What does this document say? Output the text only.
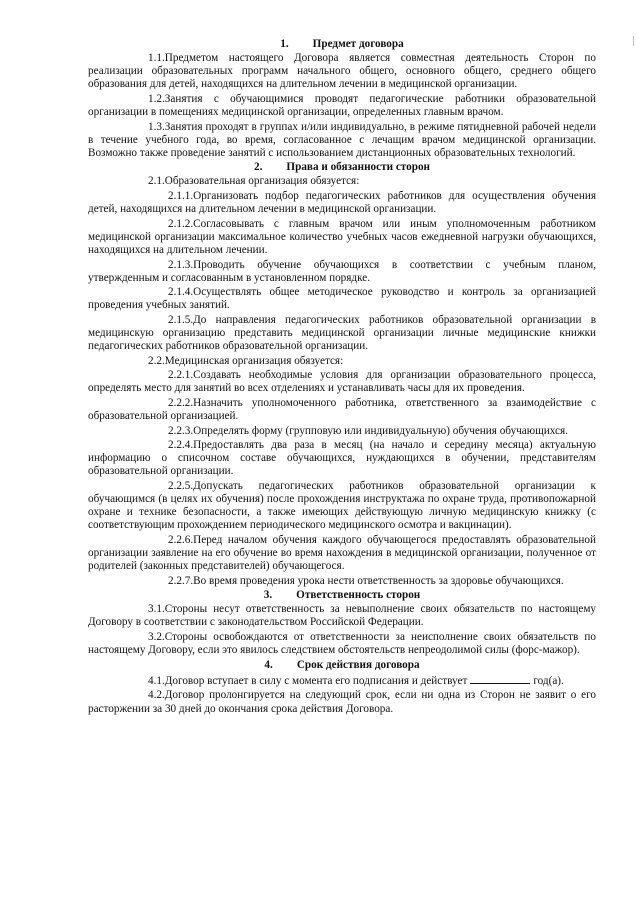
1. Предмет договора

1.1.Предметом настоящего Договора является совместная деятельность Сторон по реализации образовательных программ начального общего, основного общего, среднего общего образования для детей, находящихся на длительном лечении в медицинской организации.

1.2.Занятия с обучающимися проводят педагогические работники образовательной организации в помещениях медицинской организации, определенных главным врачом.

1.3.Занятия проходят в группах и/или индивидуально, в режиме пятидневной рабочей недели в течение учебного года, во время, согласованное с лечащим врачом медицинской организации. Возможно также проведение занятий с использованием дистанционных образовательных технологий.

2. Права и обязанности сторон

2.1.Образовательная организация обязуется:

2.1.1.Организовать подбор педагогических работников для осуществления обучения детей, находящихся на длительном лечении в медицинской организации.

2.1.2.Согласовывать с главным врачом или иным уполномоченным работником медицинской организации максимальное количество учебных часов ежедневной нагрузки обучающихся, находящихся на длительном лечении.

2.1.3.Проводить обучение обучающихся в соответствии с учебным планом, утвержденным и согласованным в установленном порядке.

2.1.4.Осуществлять общее методическое руководство и контроль за организацией проведения учебных занятий.

2.1.5.До направления педагогических работников образовательной организации в медицинскую организацию представить медицинской организации личные медицинские книжки педагогических работников образовательной организации.

2.2.Медицинская организация обязуется:

2.2.1.Создавать необходимые условия для организации образовательного процесса, определять место для занятий во всех отделениях и устанавливать часы для их проведения.

2.2.2.Назначить уполномоченного работника, ответственного за взаимодействие с образовательной организацией.

2.2.3.Определять форму (групповую или индивидуальную) обучения обучающихся.

2.2.4.Предоставлять два раза в месяц (на начало и середину месяца) актуальную информацию о списочном составе обучающихся, нуждающихся в обучении, представителям образовательной организации.

2.2.5.Допускать педагогических работников образовательной организации к обучающимся (в целях их обучения) после прохождения инструктажа по охране труда, противопожарной охране и технике безопасности, а также имеющих действующую личную медицинскую книжку (с соответствующим прохождением периодического медицинского осмотра и вакцинации).

2.2.6.Перед началом обучения каждого обучающегося предоставлять образовательной организации заявление на его обучение во время нахождения в медицинской организации, полученное от родителей (законных представителей) обучающегося.

2.2.7.Во время проведения урока нести ответственность за здоровье обучающихся.

3. Ответственность сторон

3.1.Стороны несут ответственность за невыполнение своих обязательств по настоящему Договору в соответствии с законодательством Российской Федерации.

3.2.Стороны освобождаются от ответственности за неисполнение своих обязательств по настоящему Договору, если это явилось следствием обстоятельств непреодолимой силы (форс-мажор).

4. Срок действия договора

4.1.Договор вступает в силу с момента его подписания и действует	год(а).

4.2.Договор пролонгируется на следующий срок, если ни одна из Сторон не заявит о его расторжении за 30 дней до окончания срока действия Договора.
